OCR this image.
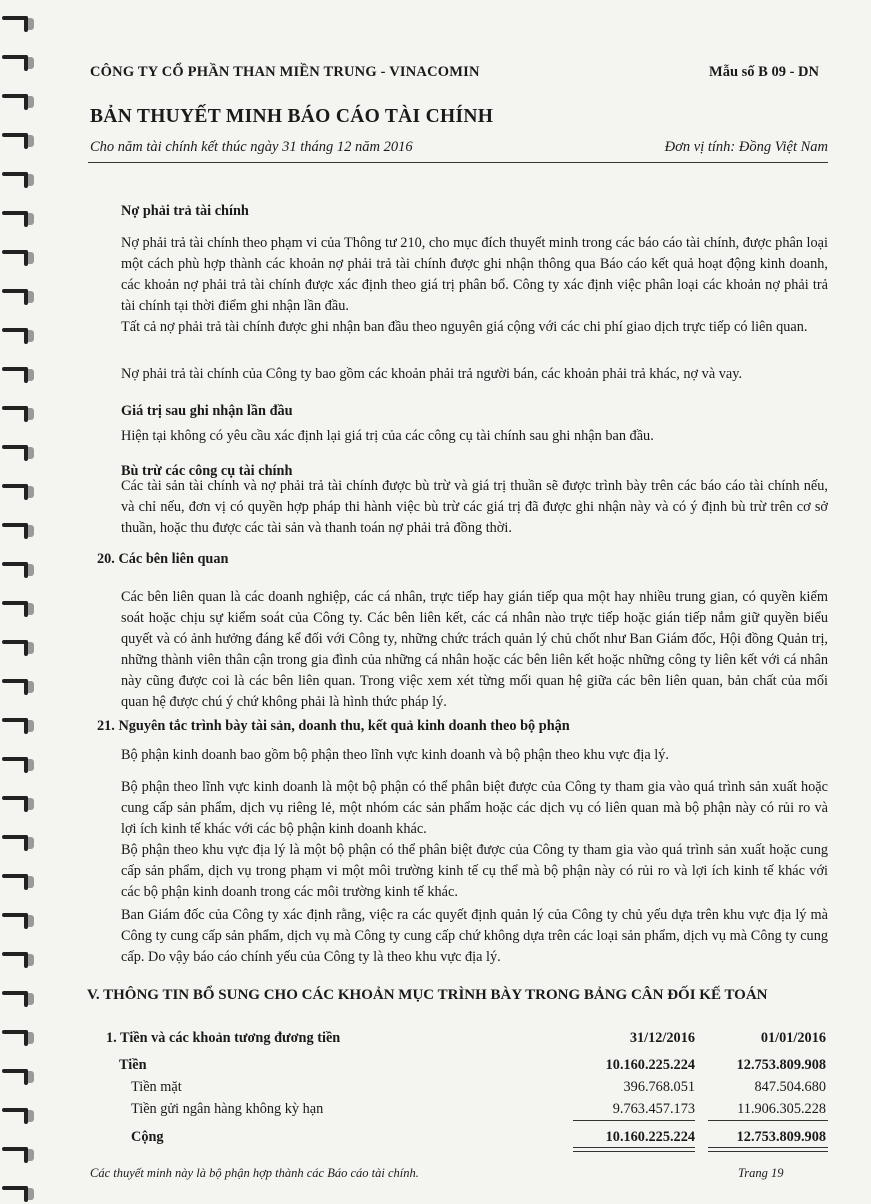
CÔNG TY CỔ PHẦN THAN MIỀN TRUNG - VINACOMIN	Mẫu số B 09 - DN
BẢN THUYẾT MINH BÁO CÁO TÀI CHÍNH
Cho năm tài chính kết thúc ngày 31 tháng 12 năm 2016	Đơn vị tính: Đồng Việt Nam
Nợ phải trả tài chính
Nợ phải trả tài chính theo phạm vi của Thông tư 210, cho mục đích thuyết minh trong các báo cáo tài chính, được phân loại một cách phù hợp thành các khoản nợ phải trả tài chính được ghi nhận thông qua Báo cáo kết quả hoạt động kinh doanh, các khoản nợ phải trả tài chính được xác định theo giá trị phân bổ. Công ty xác định việc phân loại các khoản nợ phải trả tài chính tại thời điểm ghi nhận lần đầu.
Tất cả nợ phải trả tài chính được ghi nhận ban đầu theo nguyên giá cộng với các chi phí giao dịch trực tiếp có liên quan.
Nợ phải trả tài chính của Công ty bao gồm các khoản phải trả người bán, các khoản phải trả khác, nợ và vay.
Giá trị sau ghi nhận lần đầu
Hiện tại không có yêu cầu xác định lại giá trị của các công cụ tài chính sau ghi nhận ban đầu.
Bù trừ các công cụ tài chính
Các tài sản tài chính và nợ phải trả tài chính được bù trừ và giá trị thuần sẽ được trình bày trên các báo cáo tài chính nếu, và chỉ nếu, đơn vị có quyền hợp pháp thi hành việc bù trừ các giá trị đã được ghi nhận này và có ý định bù trừ trên cơ sở thuần, hoặc thu được các tài sản và thanh toán nợ phải trả đồng thời.
20. Các bên liên quan
Các bên liên quan là các doanh nghiệp, các cá nhân, trực tiếp hay gián tiếp qua một hay nhiều trung gian, có quyền kiểm soát hoặc chịu sự kiểm soát của Công ty. Các bên liên kết, các cá nhân nào trực tiếp hoặc gián tiếp nắm giữ quyền biểu quyết và có ảnh hưởng đáng kể đối với Công ty, những chức trách quản lý chủ chốt như Ban Giám đốc, Hội đồng Quản trị, những thành viên thân cận trong gia đình của những cá nhân hoặc các bên liên kết hoặc những công ty liên kết với cá nhân này cũng được coi là các bên liên quan. Trong việc xem xét từng mối quan hệ giữa các bên liên quan, bản chất của mối quan hệ được chú ý chứ không phải là hình thức pháp lý.
21. Nguyên tắc trình bày tài sản, doanh thu, kết quả kinh doanh theo bộ phận
Bộ phận kinh doanh bao gồm bộ phận theo lĩnh vực kinh doanh và bộ phận theo khu vực địa lý.
Bộ phận theo lĩnh vực kinh doanh là một bộ phận có thể phân biệt được của Công ty tham gia vào quá trình sản xuất hoặc cung cấp sản phẩm, dịch vụ riêng lẻ, một nhóm các sản phẩm hoặc các dịch vụ có liên quan mà bộ phận này có rủi ro và lợi ích kinh tế khác với các bộ phận kinh doanh khác.
Bộ phận theo khu vực địa lý là một bộ phận có thể phân biệt được của Công ty tham gia vào quá trình sản xuất hoặc cung cấp sản phẩm, dịch vụ trong phạm vi một môi trường kinh tế cụ thể mà bộ phận này có rủi ro và lợi ích kinh tế khác với các bộ phận kinh doanh trong các môi trường kinh tế khác.
Ban Giám đốc của Công ty xác định rằng, việc ra các quyết định quản lý của Công ty chủ yếu dựa trên khu vực địa lý mà Công ty cung cấp sản phẩm, dịch vụ mà Công ty cung cấp chứ không dựa trên các loại sản phẩm, dịch vụ mà Công ty cung cấp. Do vậy báo cáo chính yếu của Công ty là theo khu vực địa lý.
V. THÔNG TIN BỔ SUNG CHO CÁC KHOẢN MỤC TRÌNH BÀY TRONG BẢNG CÂN ĐỐI KẾ TOÁN
1. Tiền và các khoản tương đương tiền	31/12/2016	01/01/2016
Tiền	10.160.225.224	12.753.809.908
Tiền mặt	396.768.051	847.504.680
Tiền gửi ngân hàng không kỳ hạn	9.763.457.173	11.906.305.228
Cộng	10.160.225.224	12.753.809.908
Các thuyết minh này là bộ phận hợp thành các Báo cáo tài chính.	Trang 19
